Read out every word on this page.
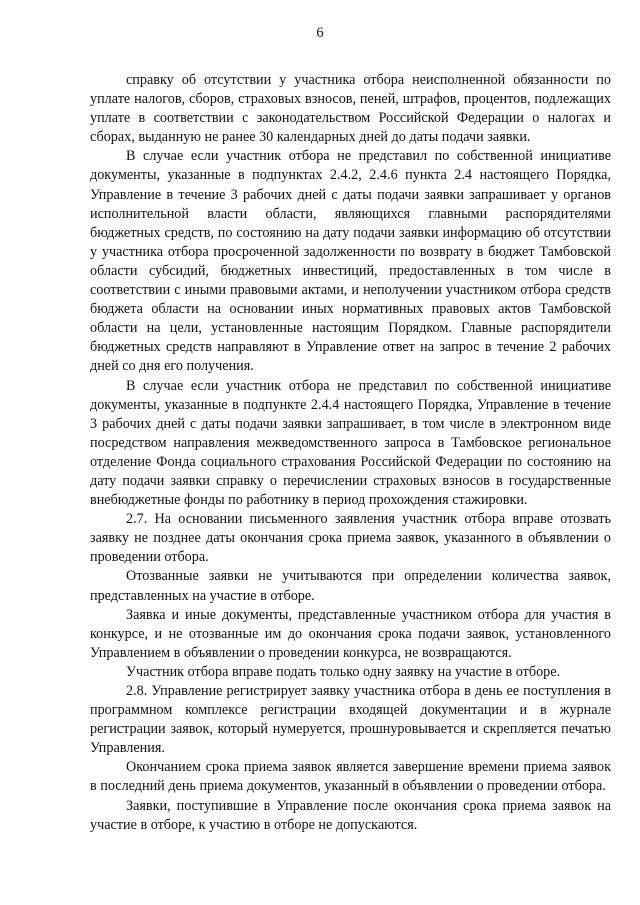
6

справку об отсутствии у участника отбора неисполненной обязанности по уплате налогов, сборов, страховых взносов, пеней, штрафов, процентов, подлежащих уплате в соответствии с законодательством Российской Федерации о налогах и сборах, выданную не ранее 30 календарных дней до даты подачи заявки.

В случае если участник отбора не представил по собственной инициативе документы, указанные в подпунктах 2.4.2, 2.4.6 пункта 2.4 настоящего Порядка, Управление в течение 3 рабочих дней с даты подачи заявки запрашивает у органов исполнительной власти области, являющихся главными распорядителями бюджетных средств, по состоянию на дату подачи заявки информацию об отсутствии у участника отбора просроченной задолженности по возврату в бюджет Тамбовской области субсидий, бюджетных инвестиций, предоставленных в том числе в соответствии с иными правовыми актами, и неполучении участником отбора средств бюджета области на основании иных нормативных правовых актов Тамбовской области на цели, установленные настоящим Порядком. Главные распорядители бюджетных средств направляют в Управление ответ на запрос в течение 2 рабочих дней со дня его получения.

В случае если участник отбора не представил по собственной инициативе документы, указанные в подпункте 2.4.4 настоящего Порядка, Управление в течение 3 рабочих дней с даты подачи заявки запрашивает, в том числе в электронном виде посредством направления межведомственного запроса в Тамбовское региональное отделение Фонда социального страхования Российской Федерации по состоянию на дату подачи заявки справку о перечислении страховых взносов в государственные внебюджетные фонды по работнику в период прохождения стажировки.

2.7. На основании письменного заявления участник отбора вправе отозвать заявку не позднее даты окончания срока приема заявок, указанного в объявлении о проведении отбора.

Отозванные заявки не учитываются при определении количества заявок, представленных на участие в отборе.

Заявка и иные документы, представленные участником отбора для участия в конкурсе, и не отозванные им до окончания срока подачи заявок, установленного Управлением в объявлении о проведении конкурса, не возвращаются.

Участник отбора вправе подать только одну заявку на участие в отборе.

2.8. Управление регистрирует заявку участника отбора в день ее поступления в программном комплексе регистрации входящей документации и в журнале регистрации заявок, который нумеруется, прошнуровывается и скрепляется печатью Управления.

Окончанием срока приема заявок является завершение времени приема заявок в последний день приема документов, указанный в объявлении о проведении отбора.

Заявки, поступившие в Управление после окончания срока приема заявок на участие в отборе, к участию в отборе не допускаются.
